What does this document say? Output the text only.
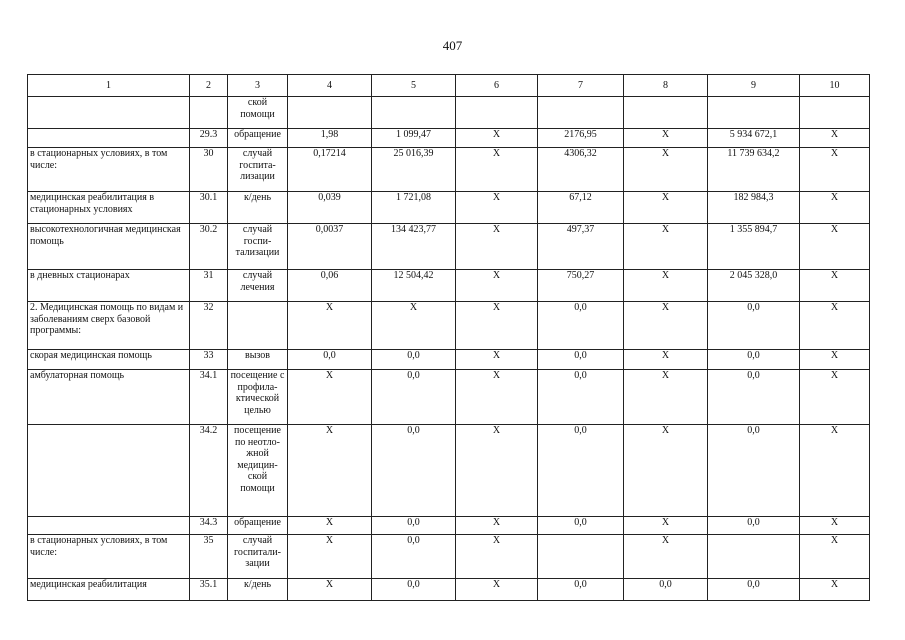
407
1	2	3	4	5	6	7	8	9	10
		ской помощи							
	29.3	обращение	1,98	1 099,47	X	2176,95	X	5 934 672,1	X
в стационарных условиях, в том числе:	30	случай госпита-лизации	0,17214	25 016,39	X	4306,32	X	11 739 634,2	X
медицинская реабилитация в стационарных условиях	30.1	к/день	0,039	1 721,08	X	67,12	X	182 984,3	X
высокотехнологичная медицинская помощь	30.2	случай госпи-тализации	0,0037	134 423,77	X	497,37	X	1 355 894,7	X
в дневных стационарах	31	случай лечения	0,06	12 504,42	X	750,27	X	2 045 328,0	X
2. Медицинская помощь по видам и заболеваниям сверх базовой программы:	32		X	X	X	0,0	X	0,0	X
скорая медицинская помощь	33	вызов	0,0	0,0	X	0,0	X	0,0	X
амбулаторная помощь	34.1	посещение с профила-ктической целью	X	0,0	X	0,0	X	0,0	X
	34.2	посещение по неотло-жной медицин-ской помощи	X	0,0	X	0,0	X	0,0	X
	34.3	обращение	X	0,0	X	0,0	X	0,0	X
в стационарных условиях, в том числе:	35	случай госпитали-зации	X	0,0	X		X		X
медицинская реабилитация	35.1	к/день	X	0,0	X	0,0	0,0	0,0	X
